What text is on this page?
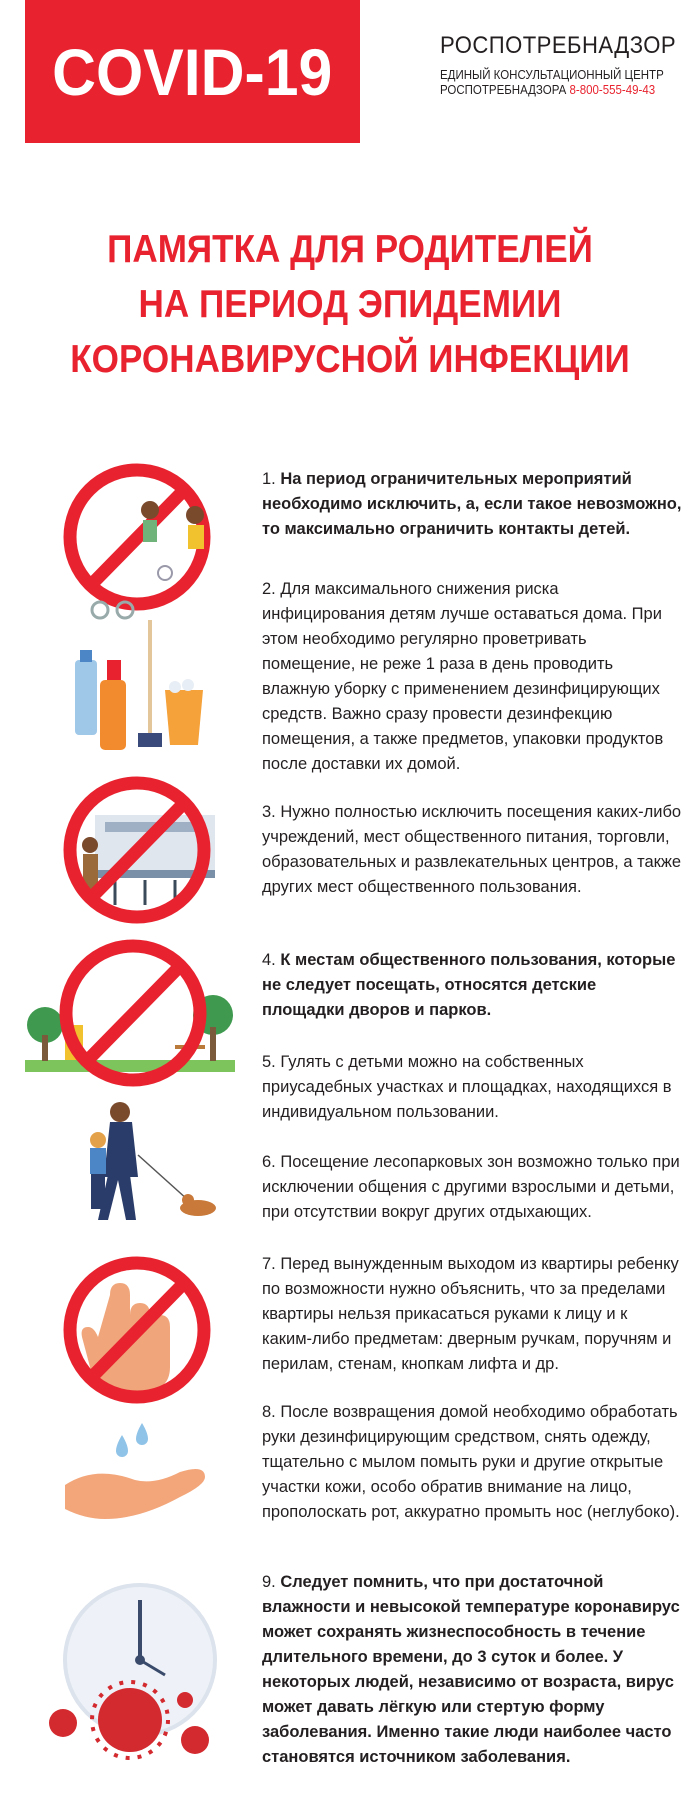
COVID-19	РОСПОТРЕБНАДЗОР
ЕДИНЫЙ КОНСУЛЬТАЦИОННЫЙ ЦЕНТР
РОСПОТРЕБНАДЗОРА 8-800-555-49-43
ПАМЯТКА ДЛЯ РОДИТЕЛЕЙ
НА ПЕРИОД ЭПИДЕМИИ
КОРОНАВИРУСНОЙ ИНФЕКЦИИ
1. На период ограничительных мероприятий необходимо исключить, а, если такое невозможно, то максимально ограничить контакты детей.
2. Для максимального снижения риска инфицирования детям лучше оставаться дома. При этом необходимо регулярно проветривать помещение, не реже 1 раза в день проводить влажную уборку с применением дезинфицирующих средств. Важно сразу провести дезинфекцию помещения, а также предметов, упаковки продуктов после доставки их домой.
3. Нужно полностью исключить посещения каких-либо учреждений, мест общественного питания, торговли, образовательных и развлекательных центров, а также других мест общественного пользования.
4. К местам общественного пользования, которые не следует посещать, относятся детские площадки дворов и парков.
5. Гулять с детьми можно на собственных приусадебных участках и площадках, находящихся в индивидуальном пользовании.
6. Посещение лесопарковых зон возможно только при исключении общения с другими взрослыми и детьми, при отсутствии вокруг других отдыхающих.
7. Перед вынужденным выходом из квартиры ребенку по возможности нужно объяснить, что за пределами квартиры нельзя прикасаться руками к лицу и к каким-либо предметам: дверным ручкам, поручням и перилам, стенам, кнопкам лифта и др.
8. После возвращения домой необходимо обработать руки дезинфицирующим средством, снять одежду, тщательно с мылом помыть руки и другие открытые участки кожи, особо обратив внимание на лицо, прополоскать рот, аккуратно промыть нос (неглубоко).
9. Следует помнить, что при достаточной влажности и невысокой температуре коронавирус может сохранять жизнеспособность в течение длительного времени, до 3 суток и более. У некоторых людей, независимо от возраста, вирус может давать лёгкую или стертую форму заболевания. Именно такие люди наиболее часто становятся источником заболевания.
